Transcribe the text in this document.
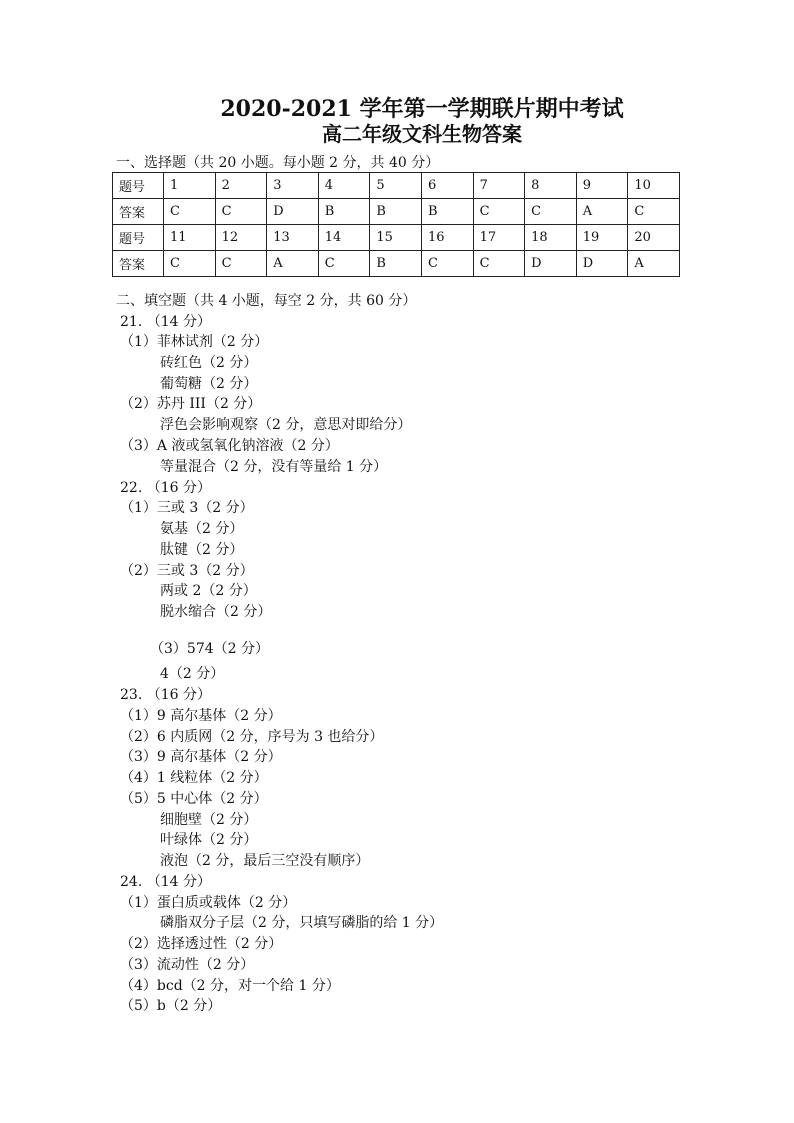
2020-2021 学年第一学期联片期中考试
高二年级文科生物答案
一、选择题（共 20 小题。每小题 2 分，共 40 分）
题号	1	2	3	4	5	6	7	8	9	10
答案	C	C	D	B	B	B	C	C	A	C
题号	11	12	13	14	15	16	17	18	19	20
答案	C	C	A	C	B	C	C	D	D	A
二、填空题（共 4 小题，每空 2 分，共 60 分）
21. （14 分）
（1）菲林试剂（2 分）
砖红色（2 分）
葡萄糖（2 分）
（2）苏丹 III（2 分）
浮色会影响观察（2 分，意思对即给分）
（3）A 液或氢氧化钠溶液（2 分）
等量混合（2 分，没有等量给 1 分）
22. （16 分）
（1）三或 3（2 分）
氨基（2 分）
肽键（2 分）
（2）三或 3（2 分）
两或 2（2 分）
脱水缩合（2 分）
（3）574（2 分）
4（2 分）
23. （16 分）
（1）9 高尔基体（2 分）
（2）6 内质网（2 分，序号为 3 也给分）
（3）9 高尔基体（2 分）
（4）1 线粒体（2 分）
（5）5 中心体（2 分）
细胞壁（2 分）
叶绿体（2 分）
液泡（2 分，最后三空没有顺序）
24. （14 分）
（1）蛋白质或载体（2 分）
磷脂双分子层（2 分，只填写磷脂的给 1 分）
（2）选择透过性（2 分）
（3）流动性（2 分）
（4）bcd（2 分，对一个给 1 分）
（5）b（2 分）
